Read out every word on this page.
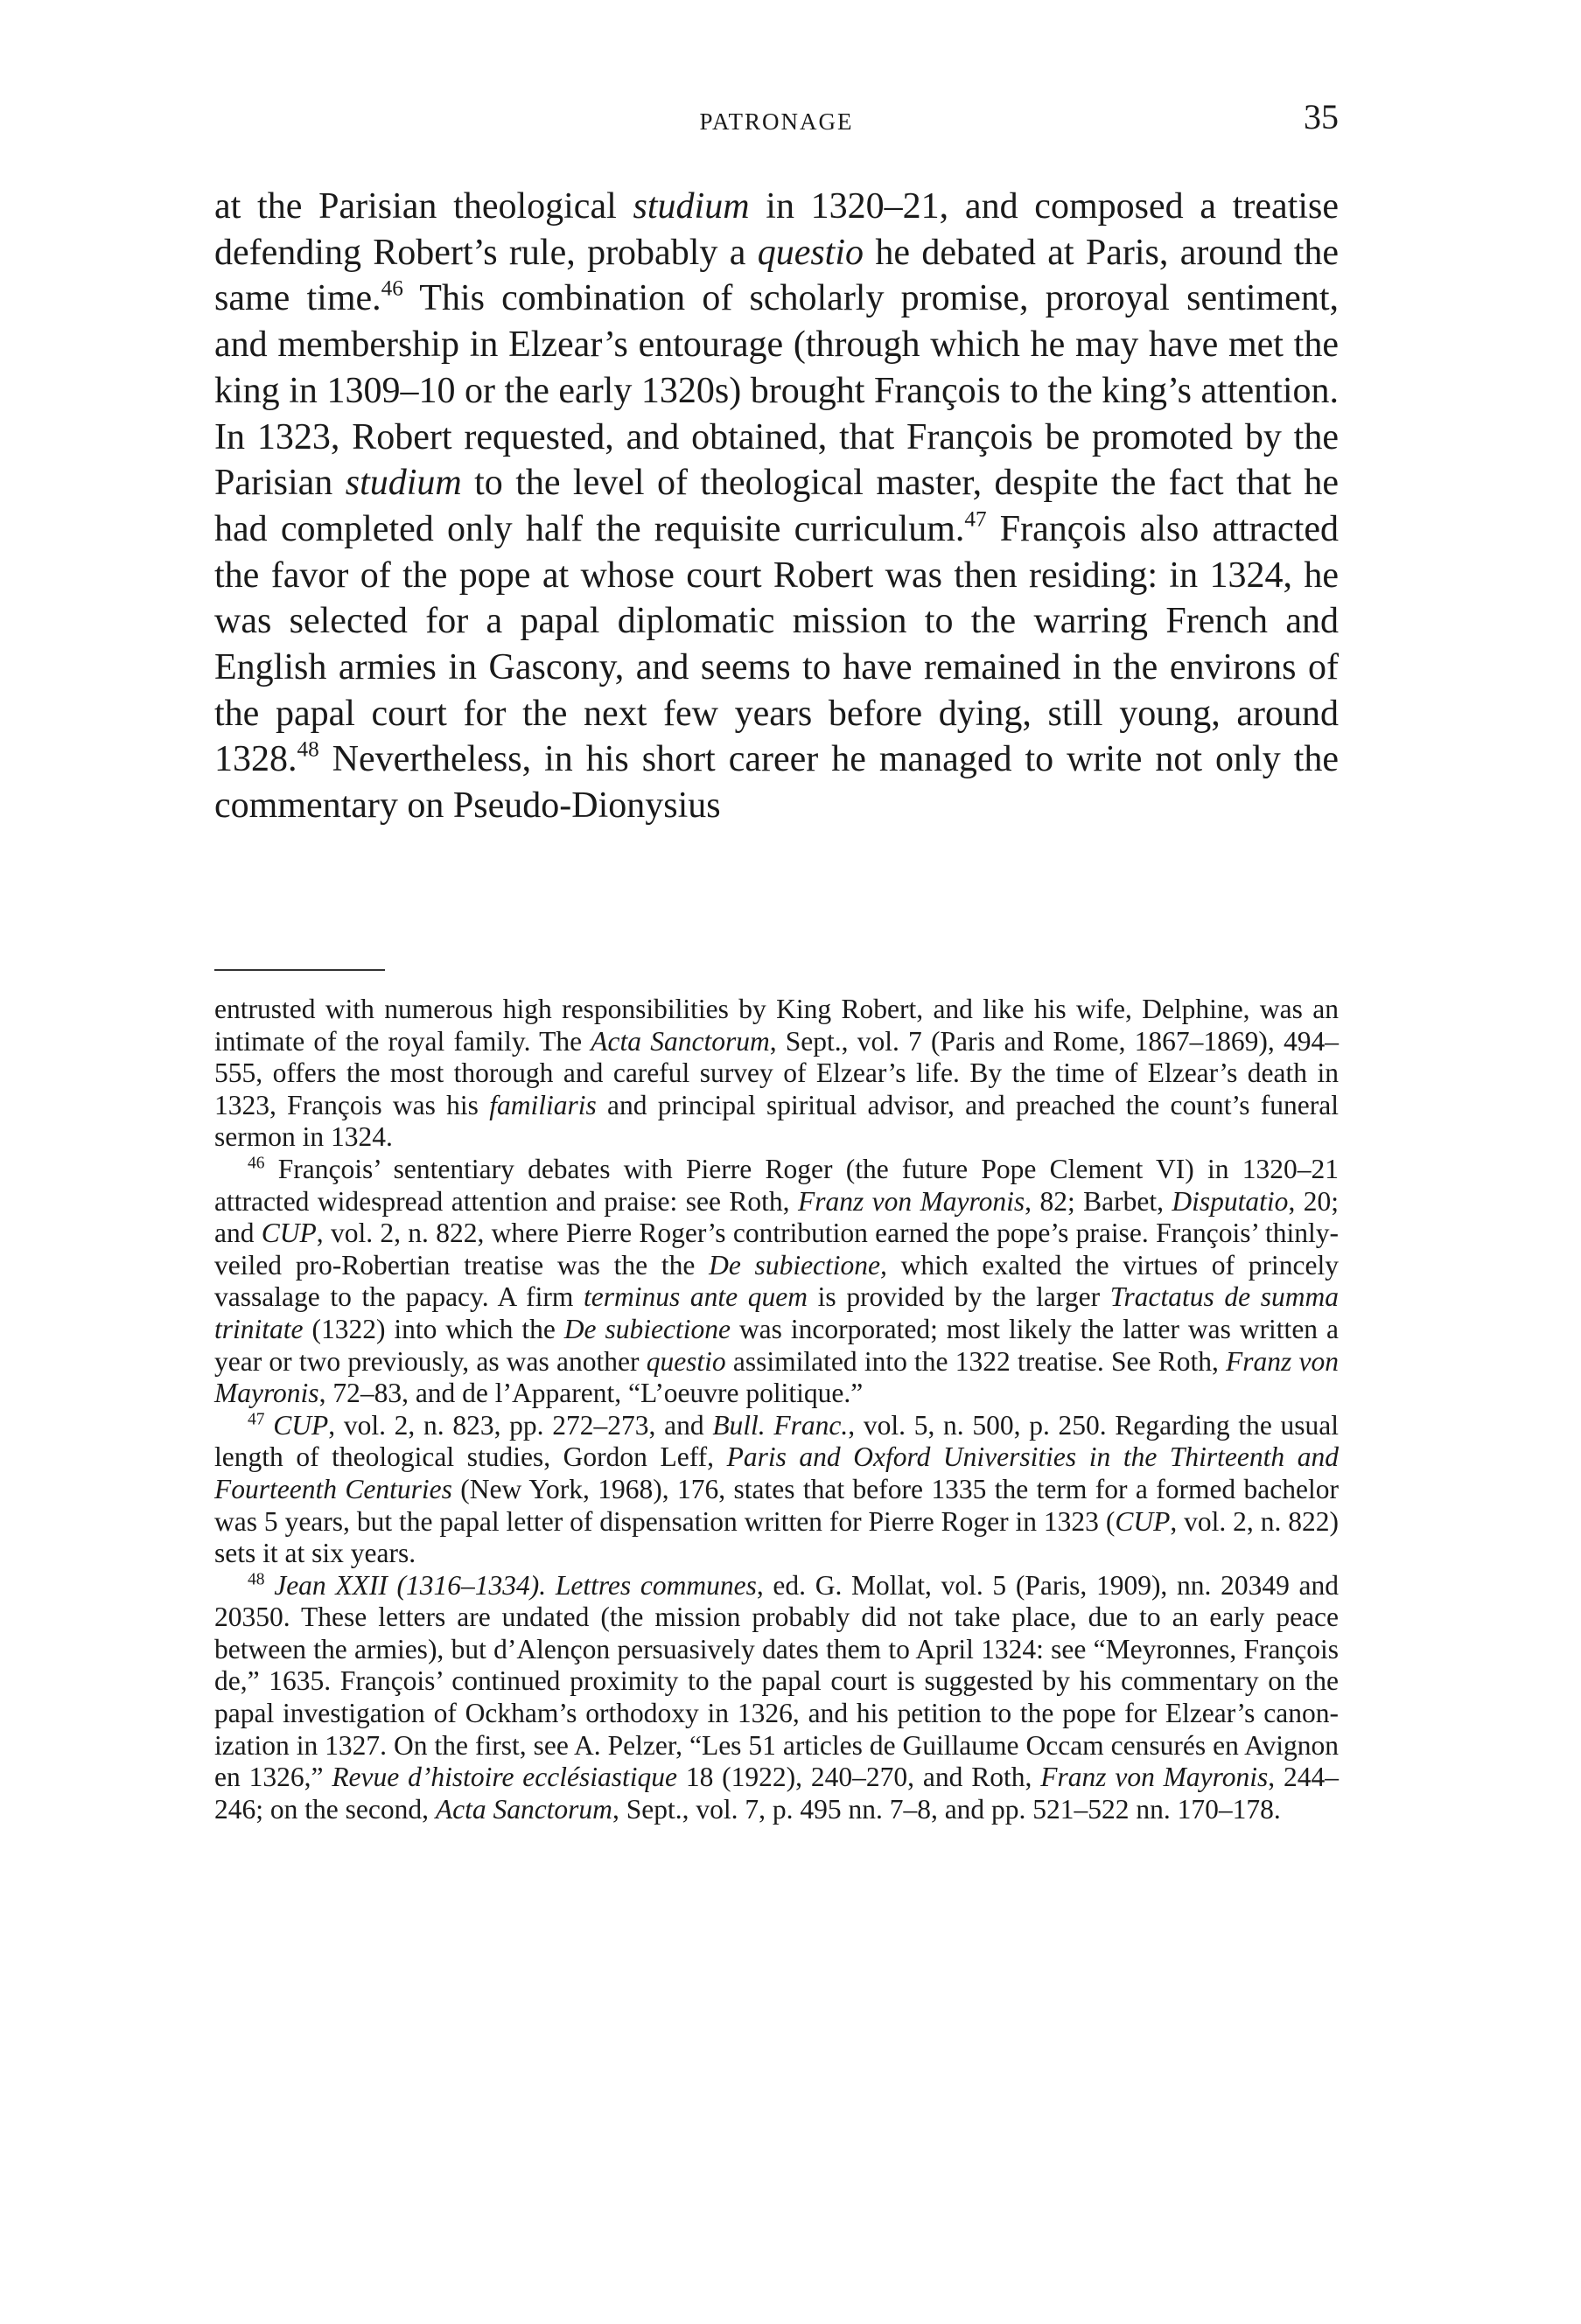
PATRONAGE	35

at the Parisian theological studium in 1320–21, and composed a treatise defending Robert’s rule, probably a questio he debated at Paris, around the same time.$^{46}$ This combination of scholarly promise, proroyal sentiment, and membership in Elzear’s entourage (through which he may have met the king in 1309–10 or the early 1320s) brought François to the king’s attention. In 1323, Robert requested, and obtained, that François be promoted by the Parisian studium to the level of theological master, despite the fact that he had completed only half the requisite curriculum.$^{47}$ François also attracted the favor of the pope at whose court Robert was then residing: in 1324, he was selected for a papal diplomatic mission to the warring French and English armies in Gascony, and seems to have remained in the environs of the papal court for the next few years before dying, still young, around 1328.48 Nevertheless, in his short career he managed to write not only the commentary on Pseudo-Dionysius

entrusted with numerous high responsibilities by King Robert, and like his wife, Delphine, was an intimate of the royal family. The Acta Sanctorum, Sept., vol. 7 (Paris and Rome, 1867–1869), 494–555, offers the most thorough and careful survey of Elzear’s life. By the time of Elzear’s death in 1323, François was his familiaris and principal spiritual advisor, and preached the count’s funeral sermon in 1324.

$^{46}$ François’ sententiary debates with Pierre Roger (the future Pope Clement VI) in 1320–21 attracted widespread attention and praise: see Roth, Franz von Mayronis, 82; Barbet, Disputatio, 20; and CUP, vol. 2, n. 822, where Pierre Roger’s contribution earned the pope’s praise. François’ thinly-veiled pro-Robertian treatise was the the De subiectione, which exalted the virtues of princely vassalage to the papacy. A firm terminus ante quem is provided by the larger Tractatus de summa trinitate (1322) into which the De subiectione was incorporated; most likely the latter was written a year or two previously, as was another questio assimilated into the 1322 treatise. See Roth, Franz von Mayronis, 72–83, and de l’Apparent, “L’oeuvre politique.”

$^{47}$ CUP, vol. 2, n. 823, pp. 272–273, and Bull. Franc., vol. 5, n. 500, p. 250. Regarding the usual length of theological studies, Gordon Leff, Paris and Oxford Universities in the Thirteenth and Fourteenth Centuries (New York, 1968), 176, states that before 1335 the term for a formed bachelor was 5 years, but the papal letter of dispensation written for Pierre Roger in 1323 (CUP, vol. 2, n. 822) sets it at six years.

$^{48}$ Jean XXII (1316–1334). Lettres communes, ed. G. Mollat, vol. 5 (Paris, 1909), nn. 20349 and 20350. These letters are undated (the mission probably did not take place, due to an early peace between the armies), but d’Alençon persuasively dates them to April 1324: see “Meyronnes, François de,” 1635. François’ continued proximity to the papal court is suggested by his commentary on the papal investigation of Ockham’s orthodoxy in 1326, and his petition to the pope for Elzear’s canonization in 1327. On the first, see A. Pelzer, “Les 51 articles de Guillaume Occam censurés en Avignon en 1326,” Revue d’histoire ecclésiastique 18 (1922), 240–270, and Roth, Franz von Mayronis, 244–246; on the second, Acta Sanctorum, Sept., vol. 7, p. 495 nn. 7–8, and pp. 521–522 nn. 170–178.
